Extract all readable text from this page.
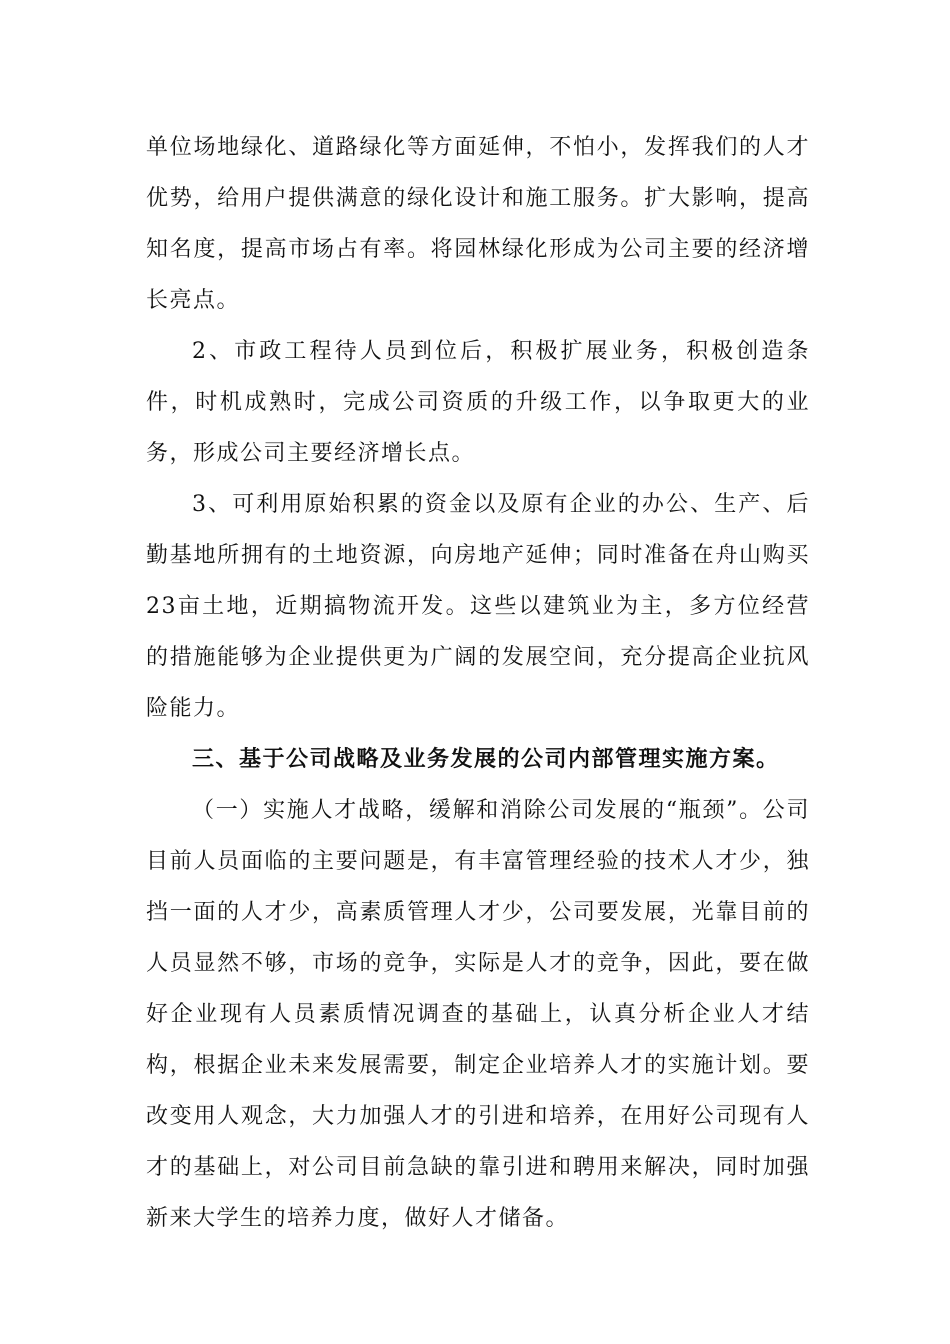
单位场地绿化、道路绿化等方面延伸，不怕小，发挥我们的人才优势，给用户提供满意的绿化设计和施工服务。扩大影响，提高知名度，提高市场占有率。将园林绿化形成为公司主要的经济增长亮点。

2、市政工程待人员到位后，积极扩展业务，积极创造条件，时机成熟时，完成公司资质的升级工作，以争取更大的业务，形成公司主要经济增长点。

3、可利用原始积累的资金以及原有企业的办公、生产、后勤基地所拥有的土地资源，向房地产延伸；同时准备在舟山购买23亩土地，近期搞物流开发。这些以建筑业为主，多方位经营的措施能够为企业提供更为广阔的发展空间，充分提高企业抗风险能力。

三、基于公司战略及业务发展的公司内部管理实施方案。

（一）实施人才战略，缓解和消除公司发展的“瓶颈”。公司目前人员面临的主要问题是，有丰富管理经验的技术人才少，独挡一面的人才少，高素质管理人才少，公司要发展，光靠目前的人员显然不够，市场的竞争，实际是人才的竞争，因此，要在做好企业现有人员素质情况调查的基础上，认真分析企业人才结构，根据企业未来发展需要，制定企业培养人才的实施计划。要改变用人观念，大力加强人才的引进和培养，在用好公司现有人才的基础上，对公司目前急缺的靠引进和聘用来解决，同时加强新来大学生的培养力度，做好人才储备。
